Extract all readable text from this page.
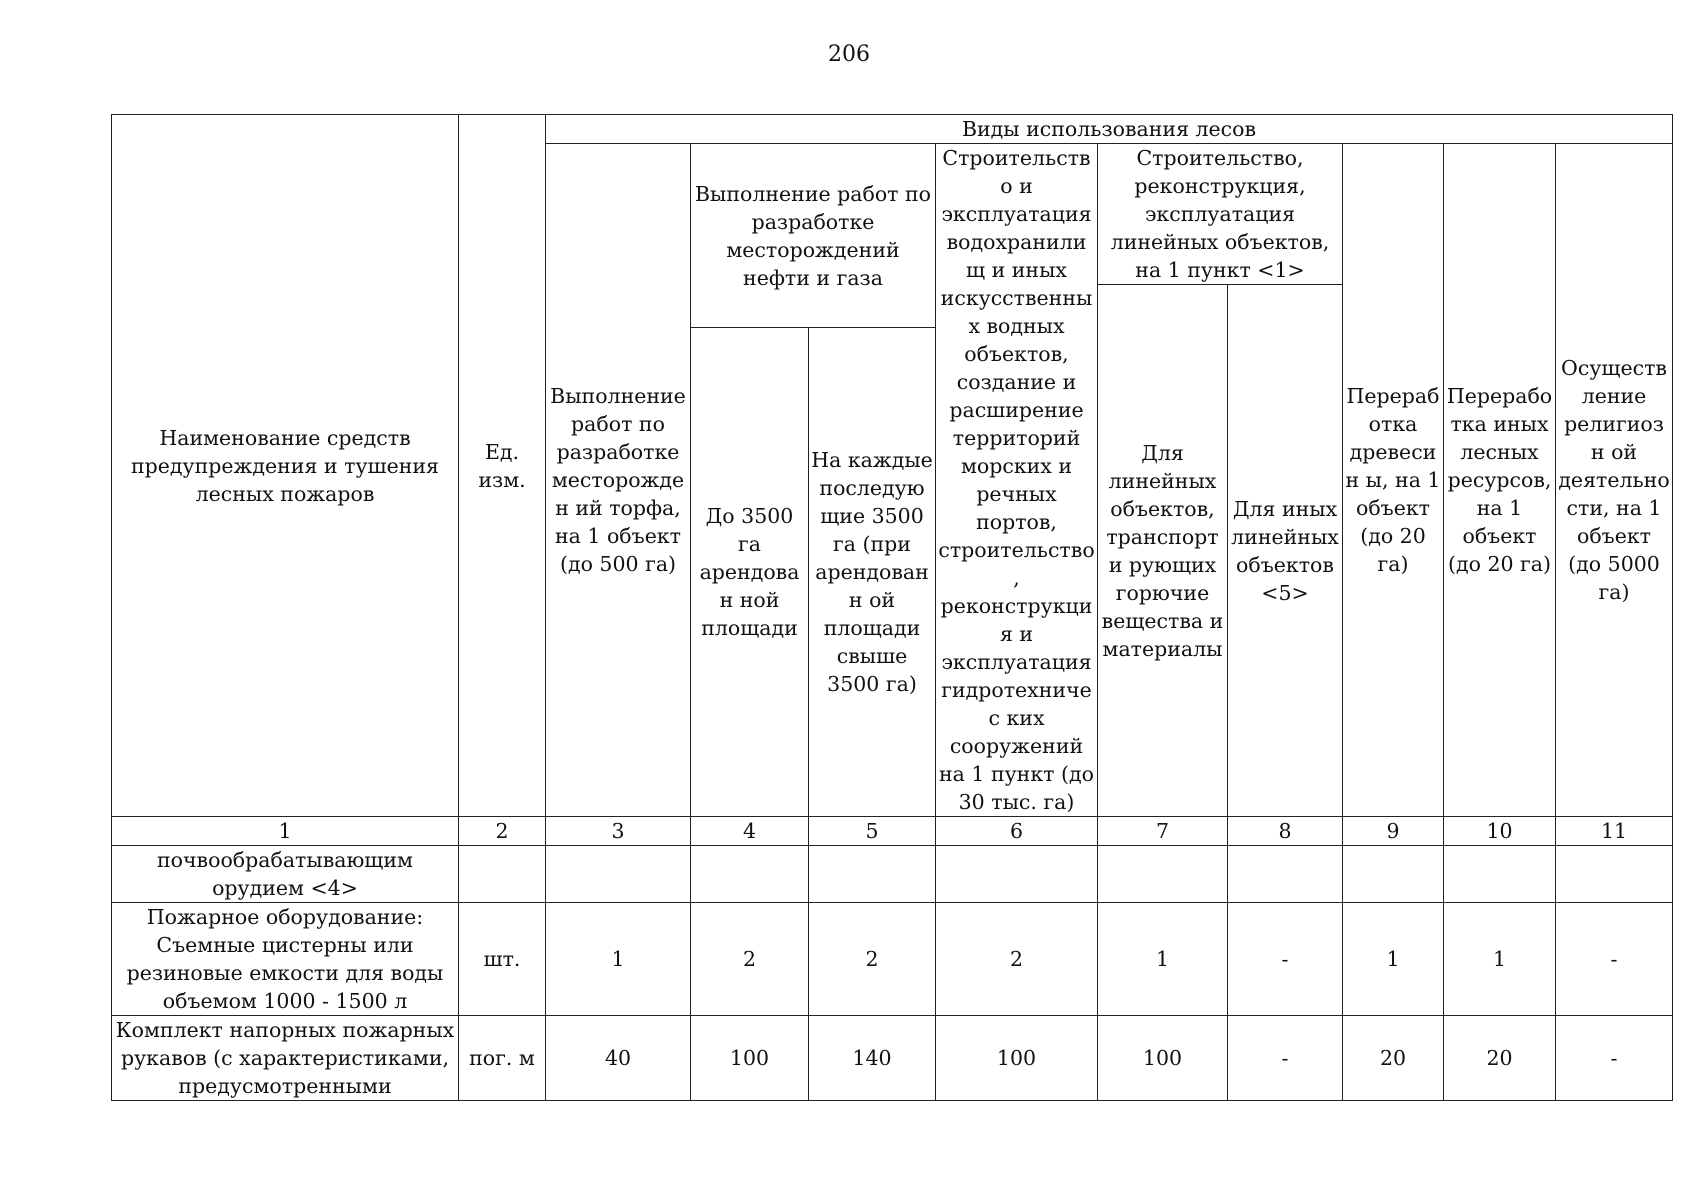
206
Наименование средств предупреждения и тушения лесных пожаров	Ед. изм.	Виды использования лесов								
		Выполнение работ по разработке месторожден ий торфа, на 1 объект (до 500 га)	Выполнение работ по разработке месторождений нефти и газа		Строительство и эксплуатация водохранилищ и иных искусственны х водных объектов, создание и расширение территорий морских и речных портов, строительство, реконструкция и эксплуатация гидротехничес ких сооружений на 1 пункт (до 30 тыс. га)	Строительство, реконструкция, эксплуатация линейных объектов, на 1 пункт <1>		Перераб отка древесин ы, на 1 объект (до 20 га)	Перерабо тка иных лесных ресурсов, на 1 объект (до 20 га)	Осуществ ление религиозн ой деятельно сти, на 1 объект (до 5000 га)
						Для линейных объектов, транспорти рующих горючие вещества и материалы	Для иных линейных объектов <5>			
			До 3500 га арендован ной площади	На каждые последую щие 3500 га (при арендованн ой площади свыше 3500 га)						
1	2	3	4	5	6	7	8	9	10	11
почвообрабатывающим орудием <4>										
Пожарное оборудование: Съемные цистерны или резиновые емкости для воды объемом 1000 - 1500 л	шт.	1	2	2	2	1	-	1	1	-
Комплект напорных пожарных рукавов (с характеристиками, предусмотренными	пог. м	40	100	140	100	100	-	20	20	-
